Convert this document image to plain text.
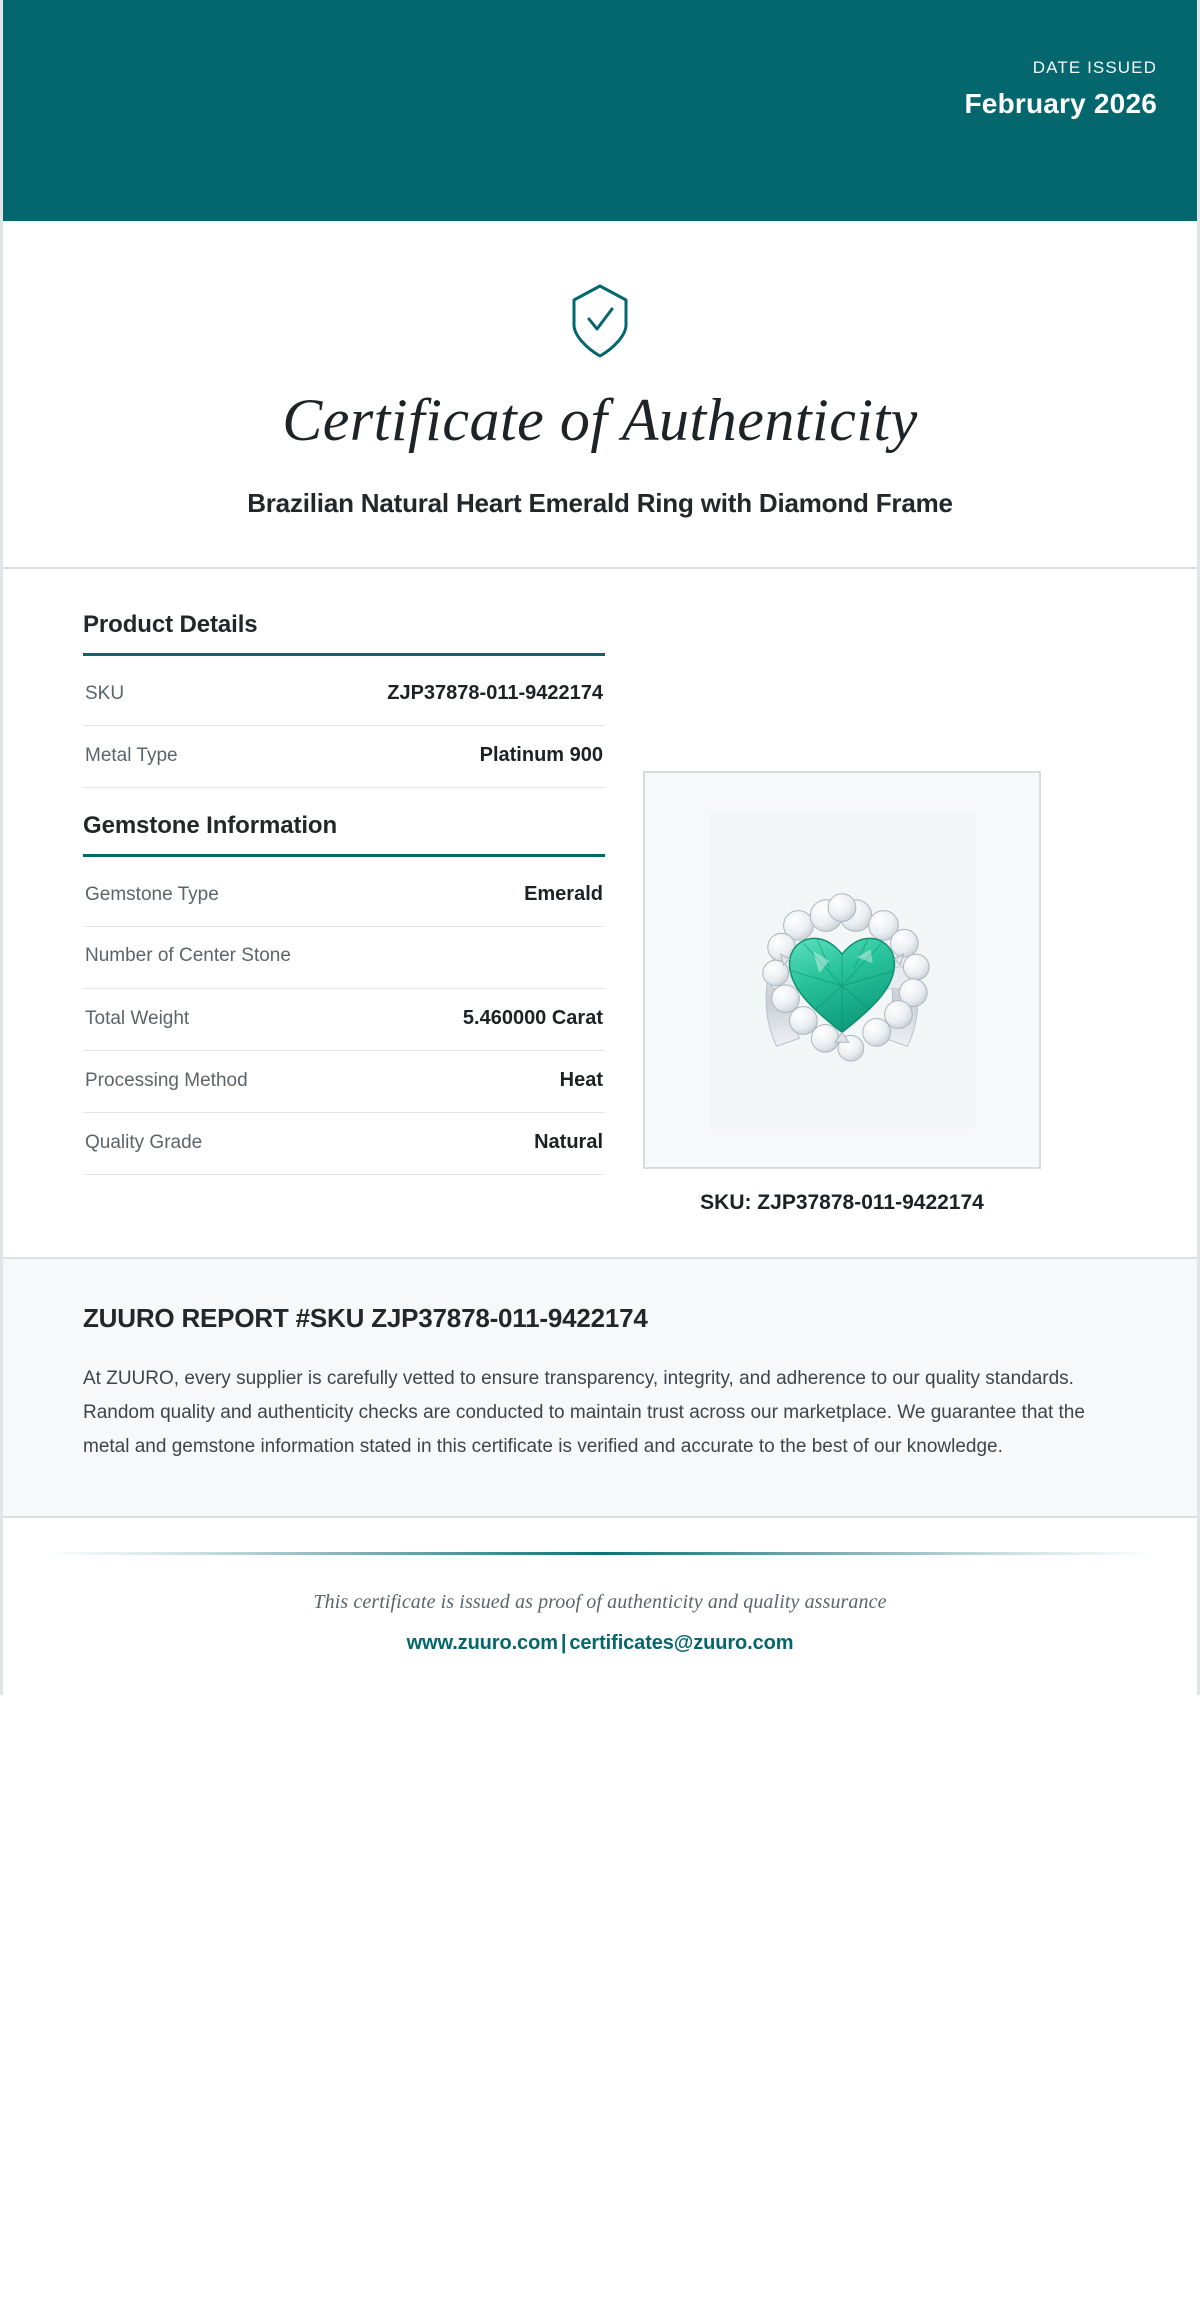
DATE ISSUED
February 2026
Certificate of Authenticity
Brazilian Natural Heart Emerald Ring with Diamond Frame
Product Details
SKU	ZJP37878-011-9422174
Metal Type	Platinum 900
Gemstone Information
Gemstone Type	Emerald
Number of Center Stone
Total Weight	5.460000 Carat
Processing Method	Heat
Quality Grade	Natural
SKU: ZJP37878-011-9422174
ZUURO REPORT #SKU ZJP37878-011-9422174
At ZUURO, every supplier is carefully vetted to ensure transparency, integrity, and adherence to our quality standards. Random quality and authenticity checks are conducted to maintain trust across our marketplace. We guarantee that the metal and gemstone information stated in this certificate is verified and accurate to the best of our knowledge.
This certificate is issued as proof of authenticity and quality assurance
www.zuuro.com | certificates@zuuro.com
